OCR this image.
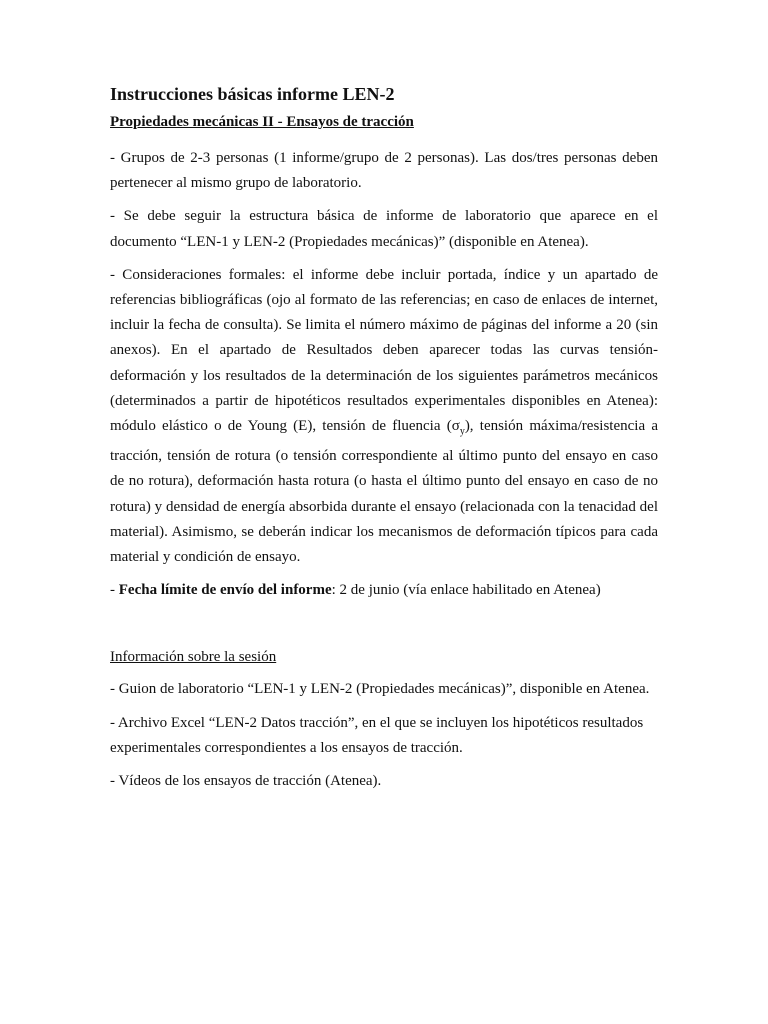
Instrucciones básicas informe LEN-2
Propiedades mecánicas II - Ensayos de tracción

- Grupos de 2-3 personas (1 informe/grupo de 2 personas). Las dos/tres personas deben pertenecer al mismo grupo de laboratorio.

- Se debe seguir la estructura básica de informe de laboratorio que aparece en el documento “LEN-1 y LEN-2 (Propiedades mecánicas)” (disponible en Atenea).

- Consideraciones formales: el informe debe incluir portada, índice y un apartado de referencias bibliográficas (ojo al formato de las referencias; en caso de enlaces de internet, incluir la fecha de consulta). Se limita el número máximo de páginas del informe a 20 (sin anexos). En el apartado de Resultados deben aparecer todas las curvas tensión-deformación y los resultados de la determinación de los siguientes parámetros mecánicos (determinados a partir de hipotéticos resultados experimentales disponibles en Atenea): módulo elástico o de Young (E), tensión de fluencia $(\sigma_y)$, tensión máxima/resistencia a tracción, tensión de rotura (o tensión correspondiente al último punto del ensayo en caso de no rotura), deformación hasta rotura (o hasta el último punto del ensayo en caso de no rotura) y densidad de energía absorbida durante el ensayo (relacionada con la tenacidad del material). Asimismo, se deberán indicar los mecanismos de deformación típicos para cada material y condición de ensayo.

- Fecha límite de envío del informe: 2 de junio (vía enlace habilitado en Atenea)

Información sobre la sesión

- Guion de laboratorio “LEN-1 y LEN-2 (Propiedades mecánicas)”, disponible en Atenea.

- Archivo Excel “LEN-2 Datos tracción”, en el que se incluyen los hipotéticos resultados experimentales correspondientes a los ensayos de tracción.

- Vídeos de los ensayos de tracción (Atenea).
